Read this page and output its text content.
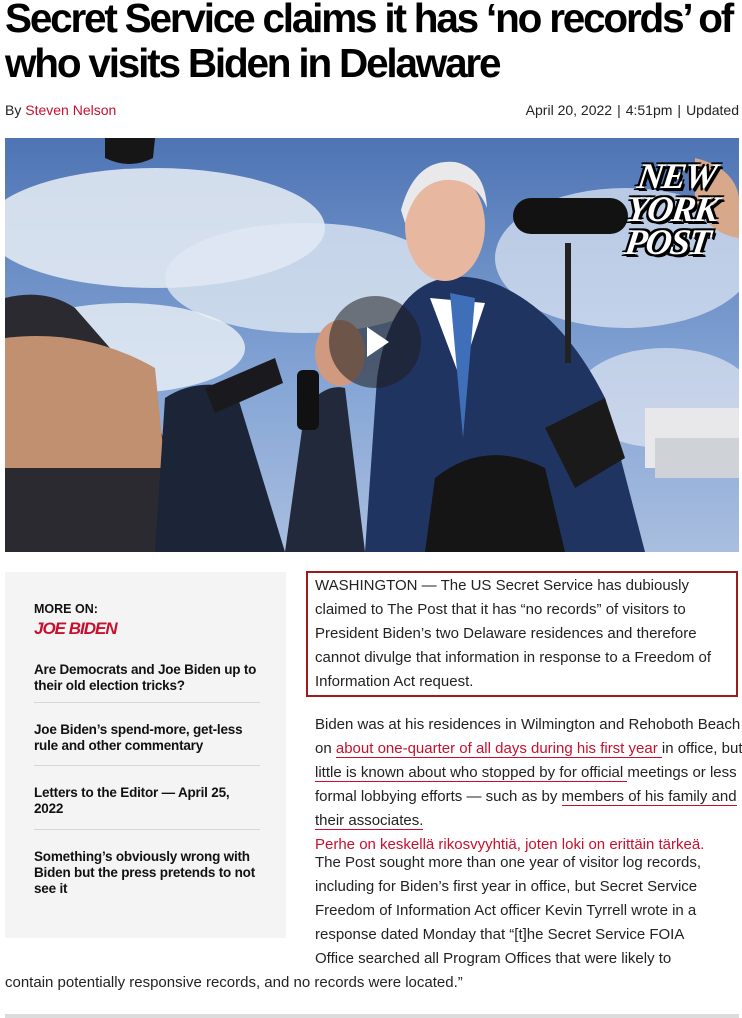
Secret Service claims it has ‘no records’ of who visits Biden in Delaware
By Steven Nelson	April 20, 2022 | 4:51pm | Updated
NEW
YORK
POST
MORE ON:
JOE BIDEN
Are Democrats and Joe Biden up to their old election tricks?
Joe Biden’s spend-more, get-less rule and other commentary
Letters to the Editor — April 25, 2022
Something’s obviously wrong with Biden but the press pretends to not see it
WASHINGTON — The US Secret Service has dubiously claimed to The Post that it has “no records” of visitors to President Biden’s two Delaware residences and therefore cannot divulge that information in response to a Freedom of Information Act request.
Biden was at his residences in Wilmington and Rehoboth Beach on about one-quarter of all days during his first year in office, but little is known about who stopped by for official meetings or less formal lobbying efforts — such as by members of his family and their associates.
Perhe on keskellä rikosvyyhtiä, joten loki on erittäin tärkeä.
The Post sought more than one year of visitor log records,
including for Biden’s first year in office, but Secret Service
Freedom of Information Act officer Kevin Tyrrell wrote in a
response dated Monday that “[t]he Secret Service FOIA
Office searched all Program Offices that were likely to
contain potentially responsive records, and no records were located.”
